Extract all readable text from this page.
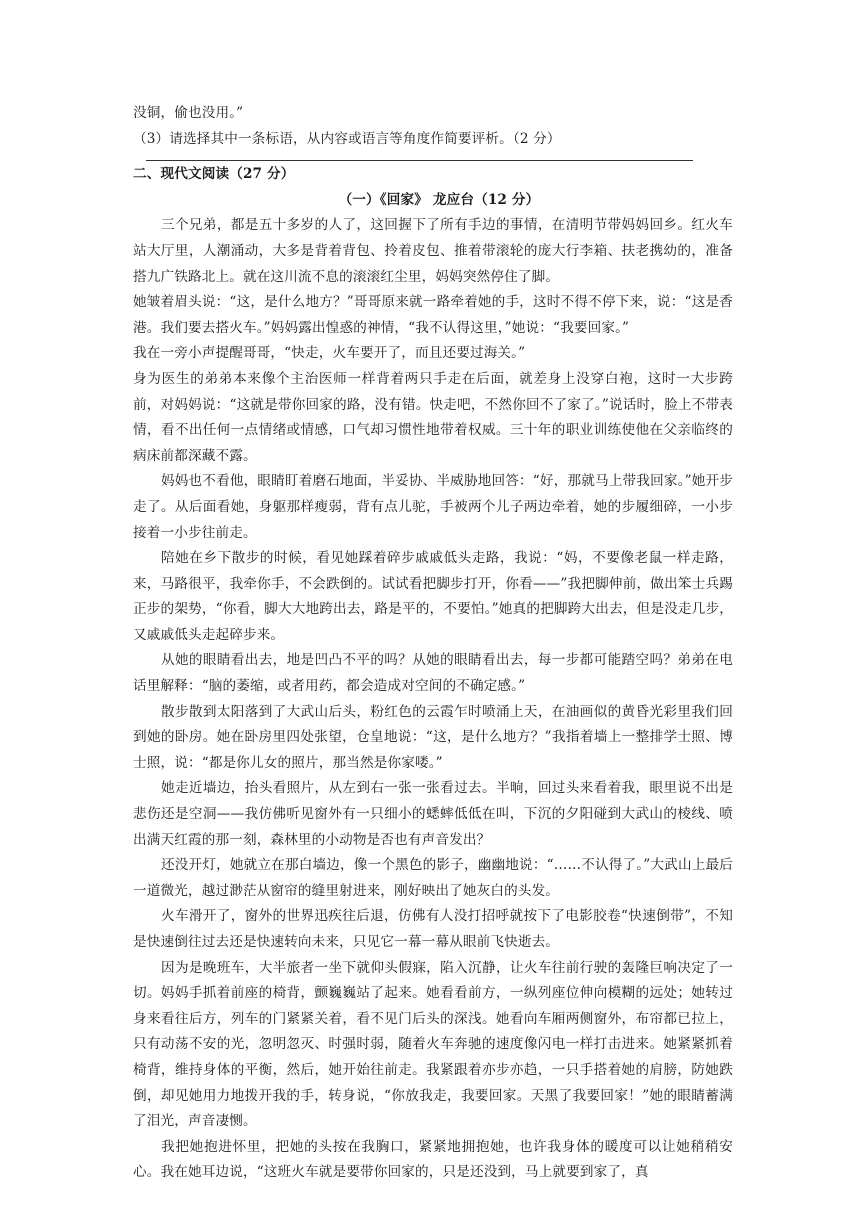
没铜，偷也没用。”

（3）请选择其中一条标语，从内容或语言等角度作简要评析。（2 分）

二、现代文阅读（27 分）

（一）《回家》 龙应台（12 分）

三个兄弟，都是五十多岁的人了，这回握下了所有手边的事情，在清明节带妈妈回乡。红火车站大厅里，人潮涌动，大多是背着背包、拎着皮包、推着带滚轮的庞大行李箱、扶老携幼的，准备搭九广铁路北上。就在这川流不息的滚滚红尘里，妈妈突然停住了脚。

她皱着眉头说：“这，是什么地方？”哥哥原来就一路牵着她的手，这时不得不停下来，说：“这是香港。我们要去搭火车。”妈妈露出惶惑的神情，“我不认得这里，”她说：“我要回家。”

我在一旁小声提醒哥哥，“快走，火车要开了，而且还要过海关。”

身为医生的弟弟本来像个主治医师一样背着两只手走在后面，就差身上没穿白袍，这时一大步跨前，对妈妈说：“这就是带你回家的路，没有错。快走吧，不然你回不了家了。”说话时，脸上不带表情，看不出任何一点情绪或情感，口气却习惯性地带着权威。三十年的职业训练使他在父亲临终的病床前都深藏不露。

妈妈也不看他，眼睛盯着磨石地面，半妥协、半威胁地回答：“好，那就马上带我回家。”她开步走了。从后面看她，身躯那样瘦弱，背有点儿驼，手被两个儿子两边牵着，她的步履细碎，一小步接着一小步往前走。

陪她在乡下散步的时候，看见她踩着碎步戚戚低头走路，我说：“妈，不要像老鼠一样走路，来，马路很平，我牵你手，不会跌倒的。试试看把脚步打开，你看——”我把脚伸前，做出笨士兵踢正步的架势，“你看，脚大大地跨出去，路是平的，不要怕。”她真的把脚跨大出去，但是没走几步，又戚戚低头走起碎步来。

从她的眼睛看出去，地是凹凸不平的吗？从她的眼睛看出去，每一步都可能踏空吗？弟弟在电话里解释：“脑的萎缩，或者用药，都会造成对空间的不确定感。”

散步散到太阳落到了大武山后头，粉红色的云霞乍时喷涌上天，在油画似的黄昏光彩里我们回到她的卧房。她在卧房里四处张望，仓皇地说：“这，是什么地方？”我指着墙上一整排学士照、博士照，说：“都是你儿女的照片，那当然是你家喽。”

她走近墙边，抬头看照片，从左到右一张一张看过去。半晌，回过头来看着我，眼里说不出是悲伤还是空洞——我仿佛听见窗外有一只细小的蟋蟀低低在叫，下沉的夕阳碰到大武山的棱线、喷出满天红霞的那一刻，森林里的小动物是否也有声音发出？

还没开灯，她就立在那白墙边，像一个黑色的影子，幽幽地说：“……不认得了。”大武山上最后一道微光，越过渺茫从窗帘的缝里射进来，刚好映出了她灰白的头发。

火车滑开了，窗外的世界迅疾往后退，仿佛有人没打招呼就按下了电影胶卷“快速倒带”，不知是快速倒往过去还是快速转向未来，只见它一幕一幕从眼前飞快逝去。

因为是晚班车，大半旅者一坐下就仰头假寐，陷入沉静，让火车往前行驶的轰隆巨响决定了一切。妈妈手抓着前座的椅背，颤巍巍站了起来。她看看前方，一纵列座位伸向模糊的远处；她转过身来看往后方，列车的门紧紧关着，看不见门后头的深浅。她看向车厢两侧窗外，布帘都已拉上，只有动荡不安的光，忽明忽灭、时强时弱，随着火车奔驰的速度像闪电一样打击进来。她紧紧抓着椅背，维持身体的平衡，然后，她开始往前走。我紧跟着亦步亦趋，一只手搭着她的肩膀，防她跌倒，却见她用力地拨开我的手，转身说，“你放我走，我要回家。天黑了我要回家！”她的眼睛蓄满了泪光，声音凄恻。

我把她抱进怀里，把她的头按在我胸口，紧紧地拥抱她，也许我身体的暖度可以让她稍稍安心。我在她耳边说，“这班火车就是要带你回家的，只是还没到，马上就要到家了，真
